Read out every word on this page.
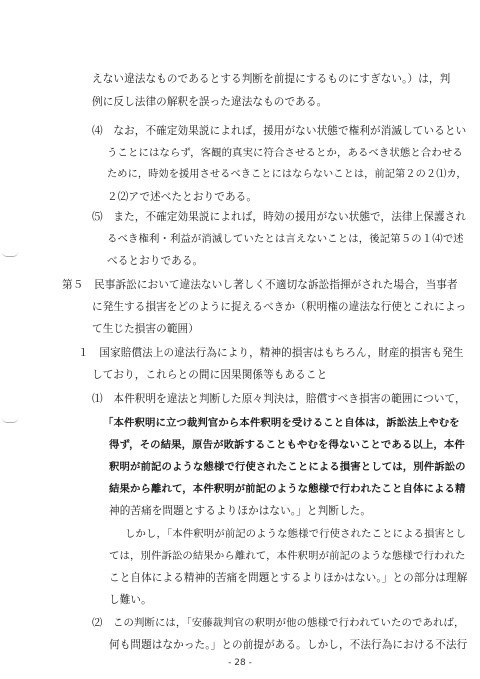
えない違法なものであるとする判断を前提にするものにすぎない。）は，判
例に反し法律の解釈を誤った違法なものである。
⑷　なお，不確定効果説によれば，援用がない状態で権利が消滅しているとい
うことにはならず，客観的真実に符合させるとか，あるべき状態と合わせる
ために，時効を援用させるべきことにはならないことは，前記第２の２⑴カ，
２⑵アで述べたとおりである。
⑸　また，不確定効果説によれば，時効の援用がない状態で，法律上保護され
るべき権利・利益が消滅していたとは言えないことは，後記第５の１⑷で述
べるとおりである。
第５　民事訴訟において違法ないし著しく不適切な訴訟指揮がされた場合，当事者
に発生する損害をどのように捉えるべきか（釈明権の違法な行使とこれによっ
て生じた損害の範囲）
１　国家賠償法上の違法行為により，精神的損害はもちろん，財産的損害も発生
しており，これらとの間に因果関係等もあること
⑴　本件釈明を違法と判断した原々判決は，賠償すべき損害の範囲について，
「本件釈明に立つ裁判官から本件釈明を受けること自体は，訴訟法上やむを
得ず，その結果，原告が敗訴することもやむを得ないことである以上，本件
釈明が前記のような態様で行使されたことによる損害としては，別件訴訟の
結果から離れて，本件釈明が前記のような態様で行われたこと自体による精
神的苦痛を問題とするよりほかはない。」と判断した。
しかし，「本件釈明が前記のような態様で行使されたことによる損害とし
ては，別件訴訟の結果から離れて，本件釈明が前記のような態様で行われた
こと自体による精神的苦痛を問題とするよりほかはない。」との部分は理解
し難い。
⑵　この判断には，「安藤裁判官の釈明が他の態様で行われていたのであれば，
何も問題はなかった。」との前提がある。しかし，不法行為における不法行
- 28 -
